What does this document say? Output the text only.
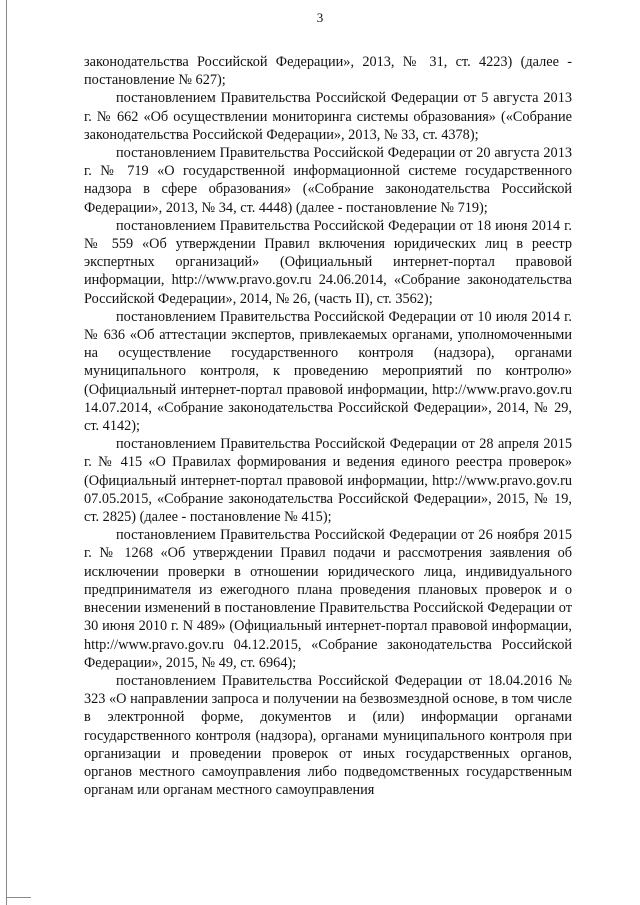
3

законодательства Российской Федерации», 2013, № 31, ст. 4223) (далее - постановление № 627);

постановлением Правительства Российской Федерации от 5 августа 2013 г. № 662 «Об осуществлении мониторинга системы образования» («Собрание законодательства Российской Федерации», 2013, № 33, ст. 4378);

постановлением Правительства Российской Федерации от 20 августа 2013 г. № 719 «О государственной информационной системе государственного надзора в сфере образования» («Собрание законодательства Российской Федерации», 2013, № 34, ст. 4448) (далее - постановление № 719);

постановлением Правительства Российской Федерации от 18 июня 2014 г. № 559 «Об утверждении Правил включения юридических лиц в реестр экспертных организаций» (Официальный интернет-портал правовой информации, http://www.pravo.gov.ru 24.06.2014, «Собрание законодательства Российской Федерации», 2014, № 26, (часть II), ст. 3562);

постановлением Правительства Российской Федерации от 10 июля 2014 г. № 636 «Об аттестации экспертов, привлекаемых органами, уполномоченными на осуществление государственного контроля (надзора), органами муниципального контроля, к проведению мероприятий по контролю» (Официальный интернет-портал правовой информации, http://www.pravo.gov.ru 14.07.2014, «Собрание законодательства Российской Федерации», 2014, № 29, ст. 4142);

постановлением Правительства Российской Федерации от 28 апреля 2015 г. № 415 «О Правилах формирования и ведения единого реестра проверок» (Официальный интернет-портал правовой информации, http://www.pravo.gov.ru 07.05.2015, «Собрание законодательства Российской Федерации», 2015, № 19, ст. 2825) (далее - постановление № 415);

постановлением Правительства Российской Федерации от 26 ноября 2015 г. № 1268 «Об утверждении Правил подачи и рассмотрения заявления об исключении проверки в отношении юридического лица, индивидуального предпринимателя из ежегодного плана проведения плановых проверок и о внесении изменений в постановление Правительства Российской Федерации от 30 июня 2010 г. N 489» (Официальный интернет-портал правовой информации, http://www.pravo.gov.ru 04.12.2015, «Собрание законодательства Российской Федерации», 2015, № 49, ст. 6964);

постановлением Правительства Российской Федерации от 18.04.2016 № 323 «О направлении запроса и получении на безвозмездной основе, в том числе в электронной форме, документов и (или) информации органами государственного контроля (надзора), органами муниципального контроля при организации и проведении проверок от иных государственных органов, органов местного самоуправления либо подведомственных государственным органам или органам местного самоуправления
